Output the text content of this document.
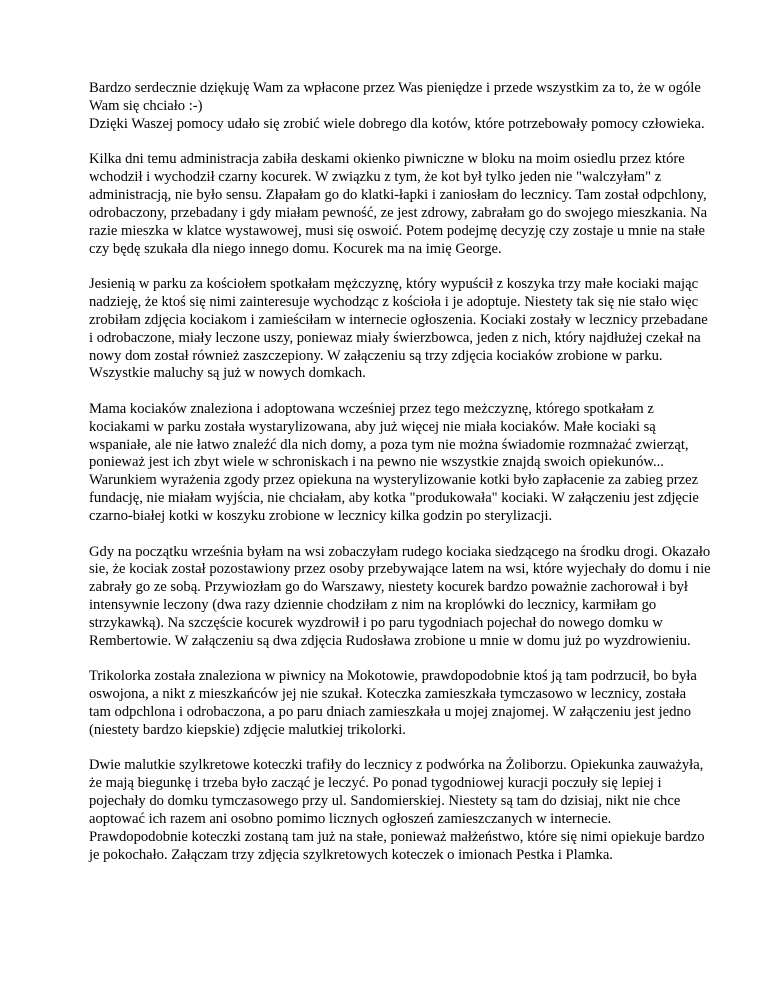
Bardzo serdecznie dziękuję Wam za wpłacone przez Was pieniędze i przede wszystkim za to, że w ogóle Wam się chciało :-)
Dzięki Waszej pomocy udało się zrobić wiele dobrego dla kotów, które potrzebowały pomocy człowieka.

Kilka dni temu administracja zabiła deskami okienko piwniczne w bloku na moim osiedlu przez które wchodził i wychodził czarny kocurek. W związku z tym, że kot był tylko jeden nie "walczyłam" z administracją, nie było sensu. Złapałam go do klatki-łapki i zaniosłam do lecznicy. Tam został odpchlony, odrobaczony, przebadany i gdy miałam pewność, ze jest zdrowy, zabrałam go do swojego mieszkania. Na razie mieszka w klatce wystawowej, musi się oswoić. Potem podejmę decyzję czy zostaje u mnie na stałe czy będę szukała dla niego innego domu. Kocurek ma na imię George.

Jesienią w parku za kościołem spotkałam mężczyznę, który wypuścił z koszyka trzy małe kociaki mając nadzieję, że ktoś się nimi zainteresuje wychodząc z kościoła i je adoptuje. Niestety tak się nie stało więc zrobiłam zdjęcia kociakom i zamieściłam w internecie ogłoszenia. Kociaki zostały w lecznicy przebadane i odrobaczone, miały leczone uszy, poniewaz miały świerzbowca, jeden z nich, który najdłużej czekał na nowy dom został również zaszczepiony. W załączeniu są trzy zdjęcia kociaków zrobione w parku. Wszystkie maluchy są już w nowych domkach.

Mama kociaków znaleziona i adoptowana wcześniej przez tego meżczyznę, którego spotkałam z kociakami w parku została wystarylizowana, aby już więcej nie miała kociaków. Małe kociaki są wspaniałe, ale nie łatwo znaleźć dla nich domy, a poza tym nie można świadomie rozmnażać zwierząt, ponieważ jest ich zbyt wiele w schroniskach i na pewno nie wszystkie znajdą swoich opiekunów...
Warunkiem wyrażenia zgody przez opiekuna na wysterylizowanie kotki było zapłacenie za zabieg przez fundację, nie miałam wyjścia, nie chciałam, aby kotka "produkowała" kociaki. W załączeniu jest zdjęcie czarno-białej kotki w koszyku zrobione w lecznicy kilka godzin po sterylizacji.

Gdy na początku września byłam na wsi zobaczyłam rudego kociaka siedzącego na środku drogi. Okazało sie, że kociak został pozostawiony przez osoby przebywające latem na wsi, które wyjechały do domu i nie zabrały go ze sobą. Przywiozłam go do Warszawy, niestety kocurek bardzo poważnie zachorował i był intensywnie leczony (dwa razy dziennie chodziłam z nim na kroplówki do lecznicy, karmiłam go strzykawką). Na szczęście kocurek wyzdrowił i po paru tygodniach pojechał do nowego domku w Rembertowie. W załączeniu są dwa zdjęcia Rudosława zrobione u mnie w domu już po wyzdrowieniu.

Trikolorka została znaleziona w piwnicy na Mokotowie, prawdopodobnie ktoś ją tam podrzucił, bo była oswojona, a nikt z mieszkańców jej nie szukał. Koteczka zamieszkała tymczasowo w lecznicy, została tam odpchlona i odrobaczona, a po paru dniach zamieszkała u mojej znajomej. W załączeniu jest jedno (niestety bardzo kiepskie) zdjęcie malutkiej trikolorki.

Dwie malutkie szylkretowe koteczki trafiły do lecznicy z podwórka na Żoliborzu. Opiekunka zauważyła, że mają biegunkę i trzeba było zacząć je leczyć. Po ponad tygodniowej kuracji poczuły się lepiej i pojechały do domku tymczasowego przy ul. Sandomierskiej. Niestety są tam do dzisiaj, nikt nie chce aoptować ich razem ani osobno pomimo licznych ogłoszeń zamieszczanych w internecie. Prawdopodobnie koteczki zostaną tam już na stałe, ponieważ małżeństwo, które się nimi opiekuje bardzo je pokochało. Załączam trzy zdjęcia szylkretowych koteczek o imionach Pestka i Plamka.
